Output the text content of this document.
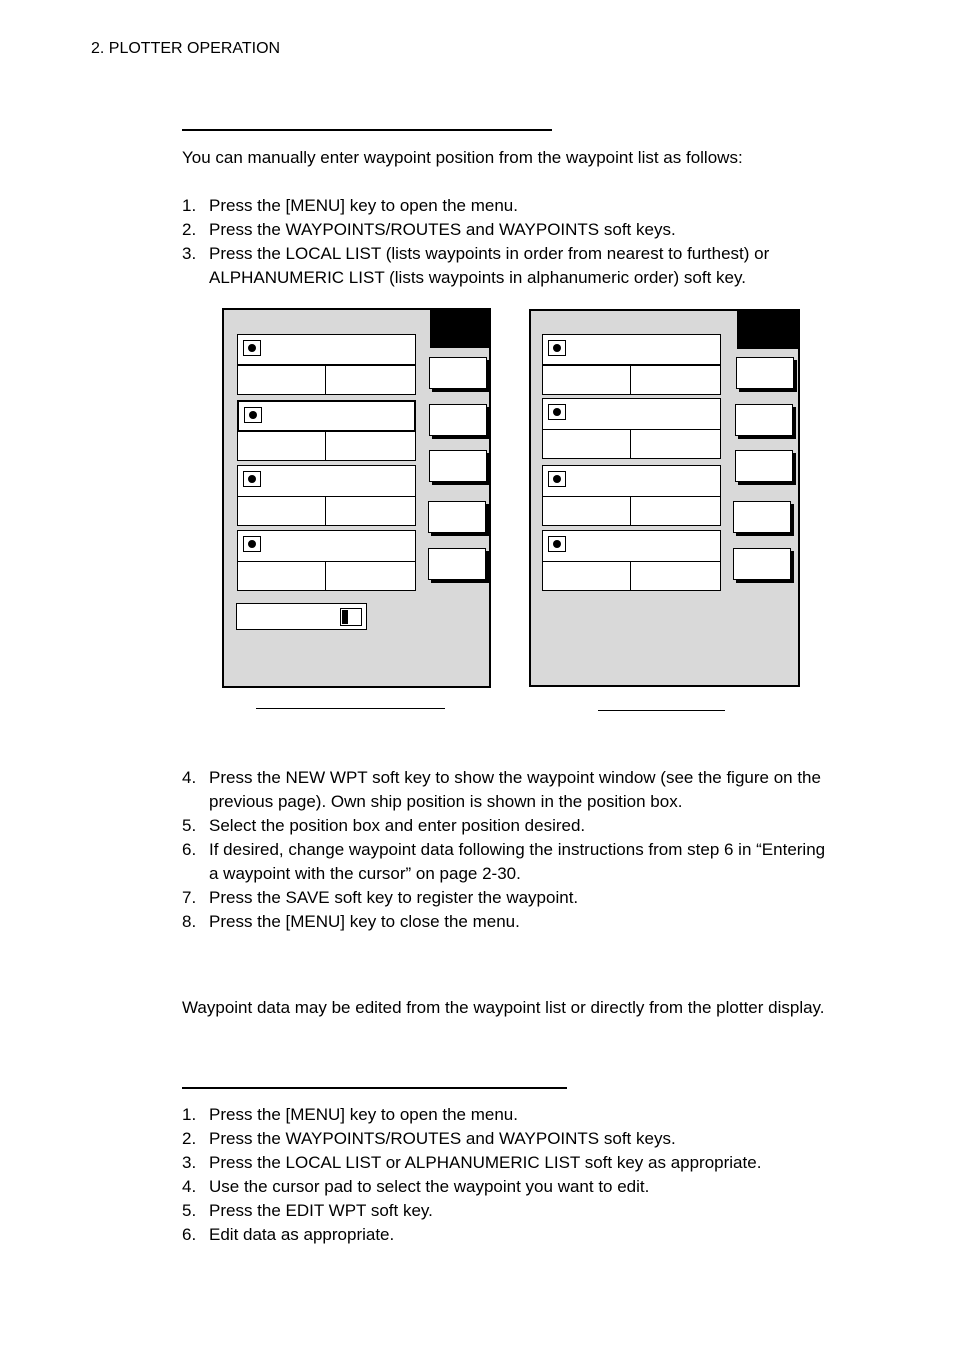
2. PLOTTER OPERATION
You can manually enter waypoint position from the waypoint list as follows:
1. Press the [MENU] key to open the menu.
2. Press the WAYPOINTS/ROUTES and WAYPOINTS soft keys.
3. Press the LOCAL LIST (lists waypoints in order from nearest to furthest) or ALPHANUMERIC LIST (lists waypoints in alphanumeric order) soft key.
4. Press the NEW WPT soft key to show the waypoint window (see the figure on the previous page). Own ship position is shown in the position box.
5. Select the position box and enter position desired.
6. If desired, change waypoint data following the instructions from step 6 in “Entering a waypoint with the cursor” on page 2-30.
7. Press the SAVE soft key to register the waypoint.
8. Press the [MENU] key to close the menu.
Waypoint data may be edited from the waypoint list or directly from the plotter display.
1. Press the [MENU] key to open the menu.
2. Press the WAYPOINTS/ROUTES and WAYPOINTS soft keys.
3. Press the LOCAL LIST or ALPHANUMERIC LIST soft key as appropriate.
4. Use the cursor pad to select the waypoint you want to edit.
5. Press the EDIT WPT soft key.
6. Edit data as appropriate.
